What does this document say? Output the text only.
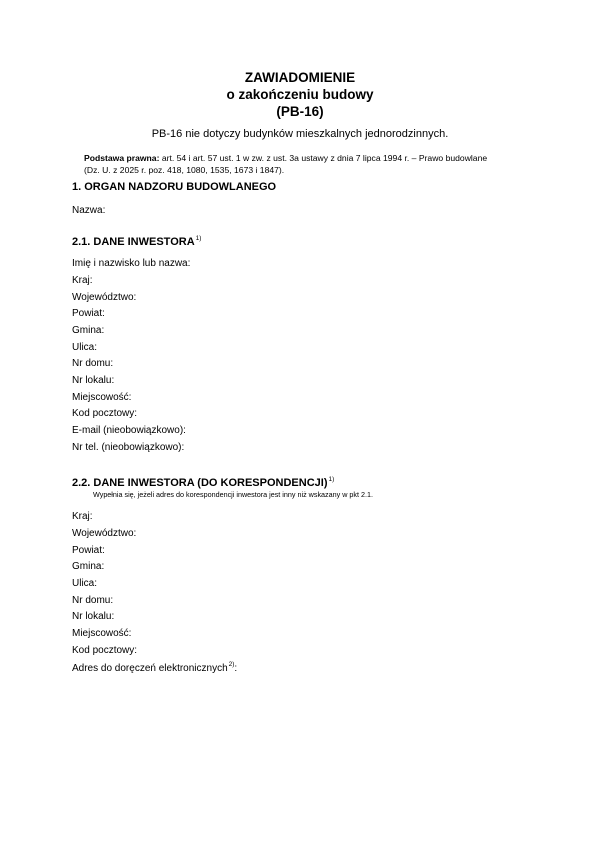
ZAWIADOMIENIE
o zakończeniu budowy
(PB-16)
PB-16 nie dotyczy budynków mieszkalnych jednorodzinnych.
Podstawa prawna: art. 54 i art. 57 ust. 1 w zw. z ust. 3a ustawy z dnia 7 lipca 1994 r. – Prawo budowlane
(Dz. U. z 2025 r. poz. 418, 1080, 1535, 1673 i 1847).
1. ORGAN NADZORU BUDOWLANEGO
Nazwa:
2.1. DANE INWESTORA$^{1)}$
Imię i nazwisko lub nazwa:
Kraj:
Województwo:
Powiat:
Gmina:
Ulica:
Nr domu:
Nr lokalu:
Miejscowość:
Kod pocztowy:
E-mail (nieobowiązkowo):
Nr tel. (nieobowiązkowo):
2.2. DANE INWESTORA (DO KORESPONDENCJI)$^{1)}$
Wypełnia się, jeżeli adres do korespondencji inwestora jest inny niż wskazany w pkt 2.1.
Kraj:
Województwo:
Powiat:
Gmina:
Ulica:
Nr domu:
Nr lokalu:
Miejscowość:
Kod pocztowy:
Adres do doręczeń elektronicznych$^{2)}$:
